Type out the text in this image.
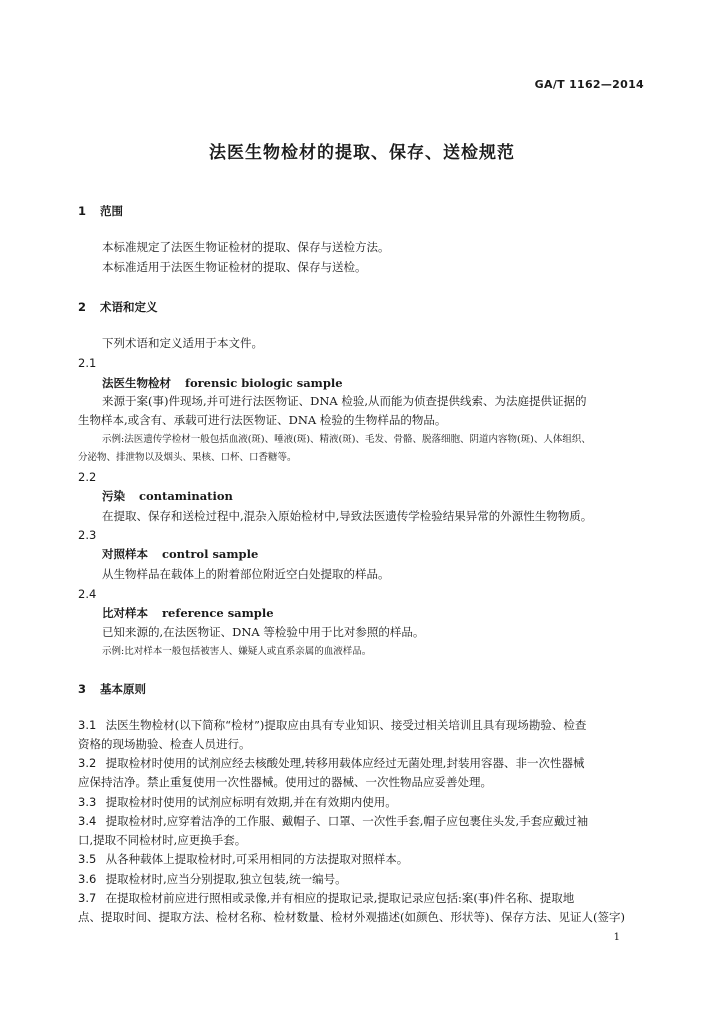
GA/T 1162—2014
法医生物检材的提取、保存、送检规范
1 范围
本标准规定了法医生物证检材的提取、保存与送检方法。
本标准适用于法医生物证检材的提取、保存与送检。
2 术语和定义
下列术语和定义适用于本文件。
2.1
法医生物检材 forensic biologic sample
来源于案(事)件现场,并可进行法医物证、DNA 检验,从而能为侦查提供线索、为法庭提供证据的
生物样本,或含有、承载可进行法医物证、DNA 检验的生物样品的物品。
示例:法医遗传学检材一般包括血液(斑)、唾液(斑)、精液(斑)、毛发、骨骼、脱落细胞、阴道内容物(斑)、人体组织、
分泌物、排泄物以及烟头、果核、口杯、口香糖等。
2.2
污染 contamination
在提取、保存和送检过程中,混杂入原始检材中,导致法医遗传学检验结果异常的外源性生物物质。
2.3
对照样本 control sample
从生物样品在载体上的附着部位附近空白处提取的样品。
2.4
比对样本 reference sample
已知来源的,在法医物证、DNA 等检验中用于比对参照的样品。
示例:比对样本一般包括被害人、嫌疑人或直系亲属的血液样品。
3 基本原则
3.1 法医生物检材(以下简称“检材”)提取应由具有专业知识、接受过相关培训且具有现场勘验、检查
资格的现场勘验、检查人员进行。
3.2 提取检材时使用的试剂应经去核酸处理,转移用载体应经过无菌处理,封装用容器、非一次性器械
应保持洁净。禁止重复使用一次性器械。使用过的器械、一次性物品应妥善处理。
3.3 提取检材时使用的试剂应标明有效期,并在有效期内使用。
3.4 提取检材时,应穿着洁净的工作服、戴帽子、口罩、一次性手套,帽子应包裹住头发,手套应戴过袖
口,提取不同检材时,应更换手套。
3.5 从各种载体上提取检材时,可采用相同的方法提取对照样本。
3.6 提取检材时,应当分别提取,独立包装,统一编号。
3.7 在提取检材前应进行照相或录像,并有相应的提取记录,提取记录应包括:案(事)件名称、提取地
点、提取时间、提取方法、检材名称、检材数量、检材外观描述(如颜色、形状等)、保存方法、见证人(签字)
1
